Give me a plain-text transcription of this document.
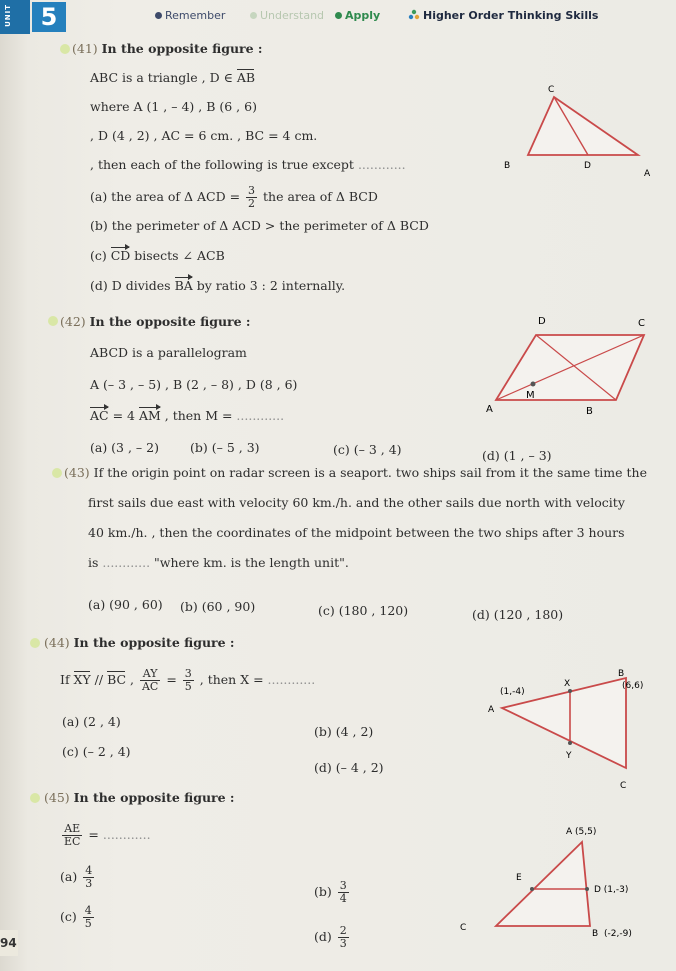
UNIT	5	Remember	Understand	Apply	Higher Order Thinking Skills
(41) In the opposite figure :
ABC is a triangle , D ∈ AB
where A (1 , – 4) , B (6 , 6)
, D (4 , 2) , AC = 6 cm. , BC = 4 cm.
, then each of the following is true except ............
(a) the area of Δ ACD = $\frac{3}{2}$ the area of Δ BCD
(b) the perimeter of Δ ACD > the perimeter of Δ BCD
(c) CD bisects ∠ ACB
(d) D divides BA by ratio 3 : 2 internally.
C
B	D
A
(42) In the opposite figure :
ABCD is a parallelogram
A (– 3 , – 5) , B (2 , – 8) , D (8 , 6)
AC = 4 AM , then M = ............
(a) (3 , – 2) (b) (– 5 , 3)	(c) (– 3 , 4)	(d) (1 , – 3)
D	C
M
A	B
(43) If the origin point on radar screen is a seaport. two ships sail from it the same time the
first sails due east with velocity 60 km./h. and the other sails due north with velocity
40 km./h. , then the coordinates of the midpoint between the two ships after 3 hours
is ............ "where km. is the length unit".
(a) (90 , 60) (b) (60 , 90)	(c) (180 , 120)	(d) (120 , 180)
(44) In the opposite figure :
If XY // BC , $\frac{AY}{AC} = \frac{3}{5}$ , then X = ............
(a) (2 , 4)
(b) (4 , 2)
(c) (– 2 , 4)
(d) (– 4 , 2)
B
(6,6)
X
(1,-4)
A
Y
C
(45) In the opposite figure :
$\frac{AE}{EC}$ = ............
$(a) \frac{4}{3}$
$(b) \frac{3}{4}$
$(c) \frac{4}{5}$
$(d) \frac{2}{3}$
A (5,5)
E
D (1,-3)
C
B (-2,-9)
94
